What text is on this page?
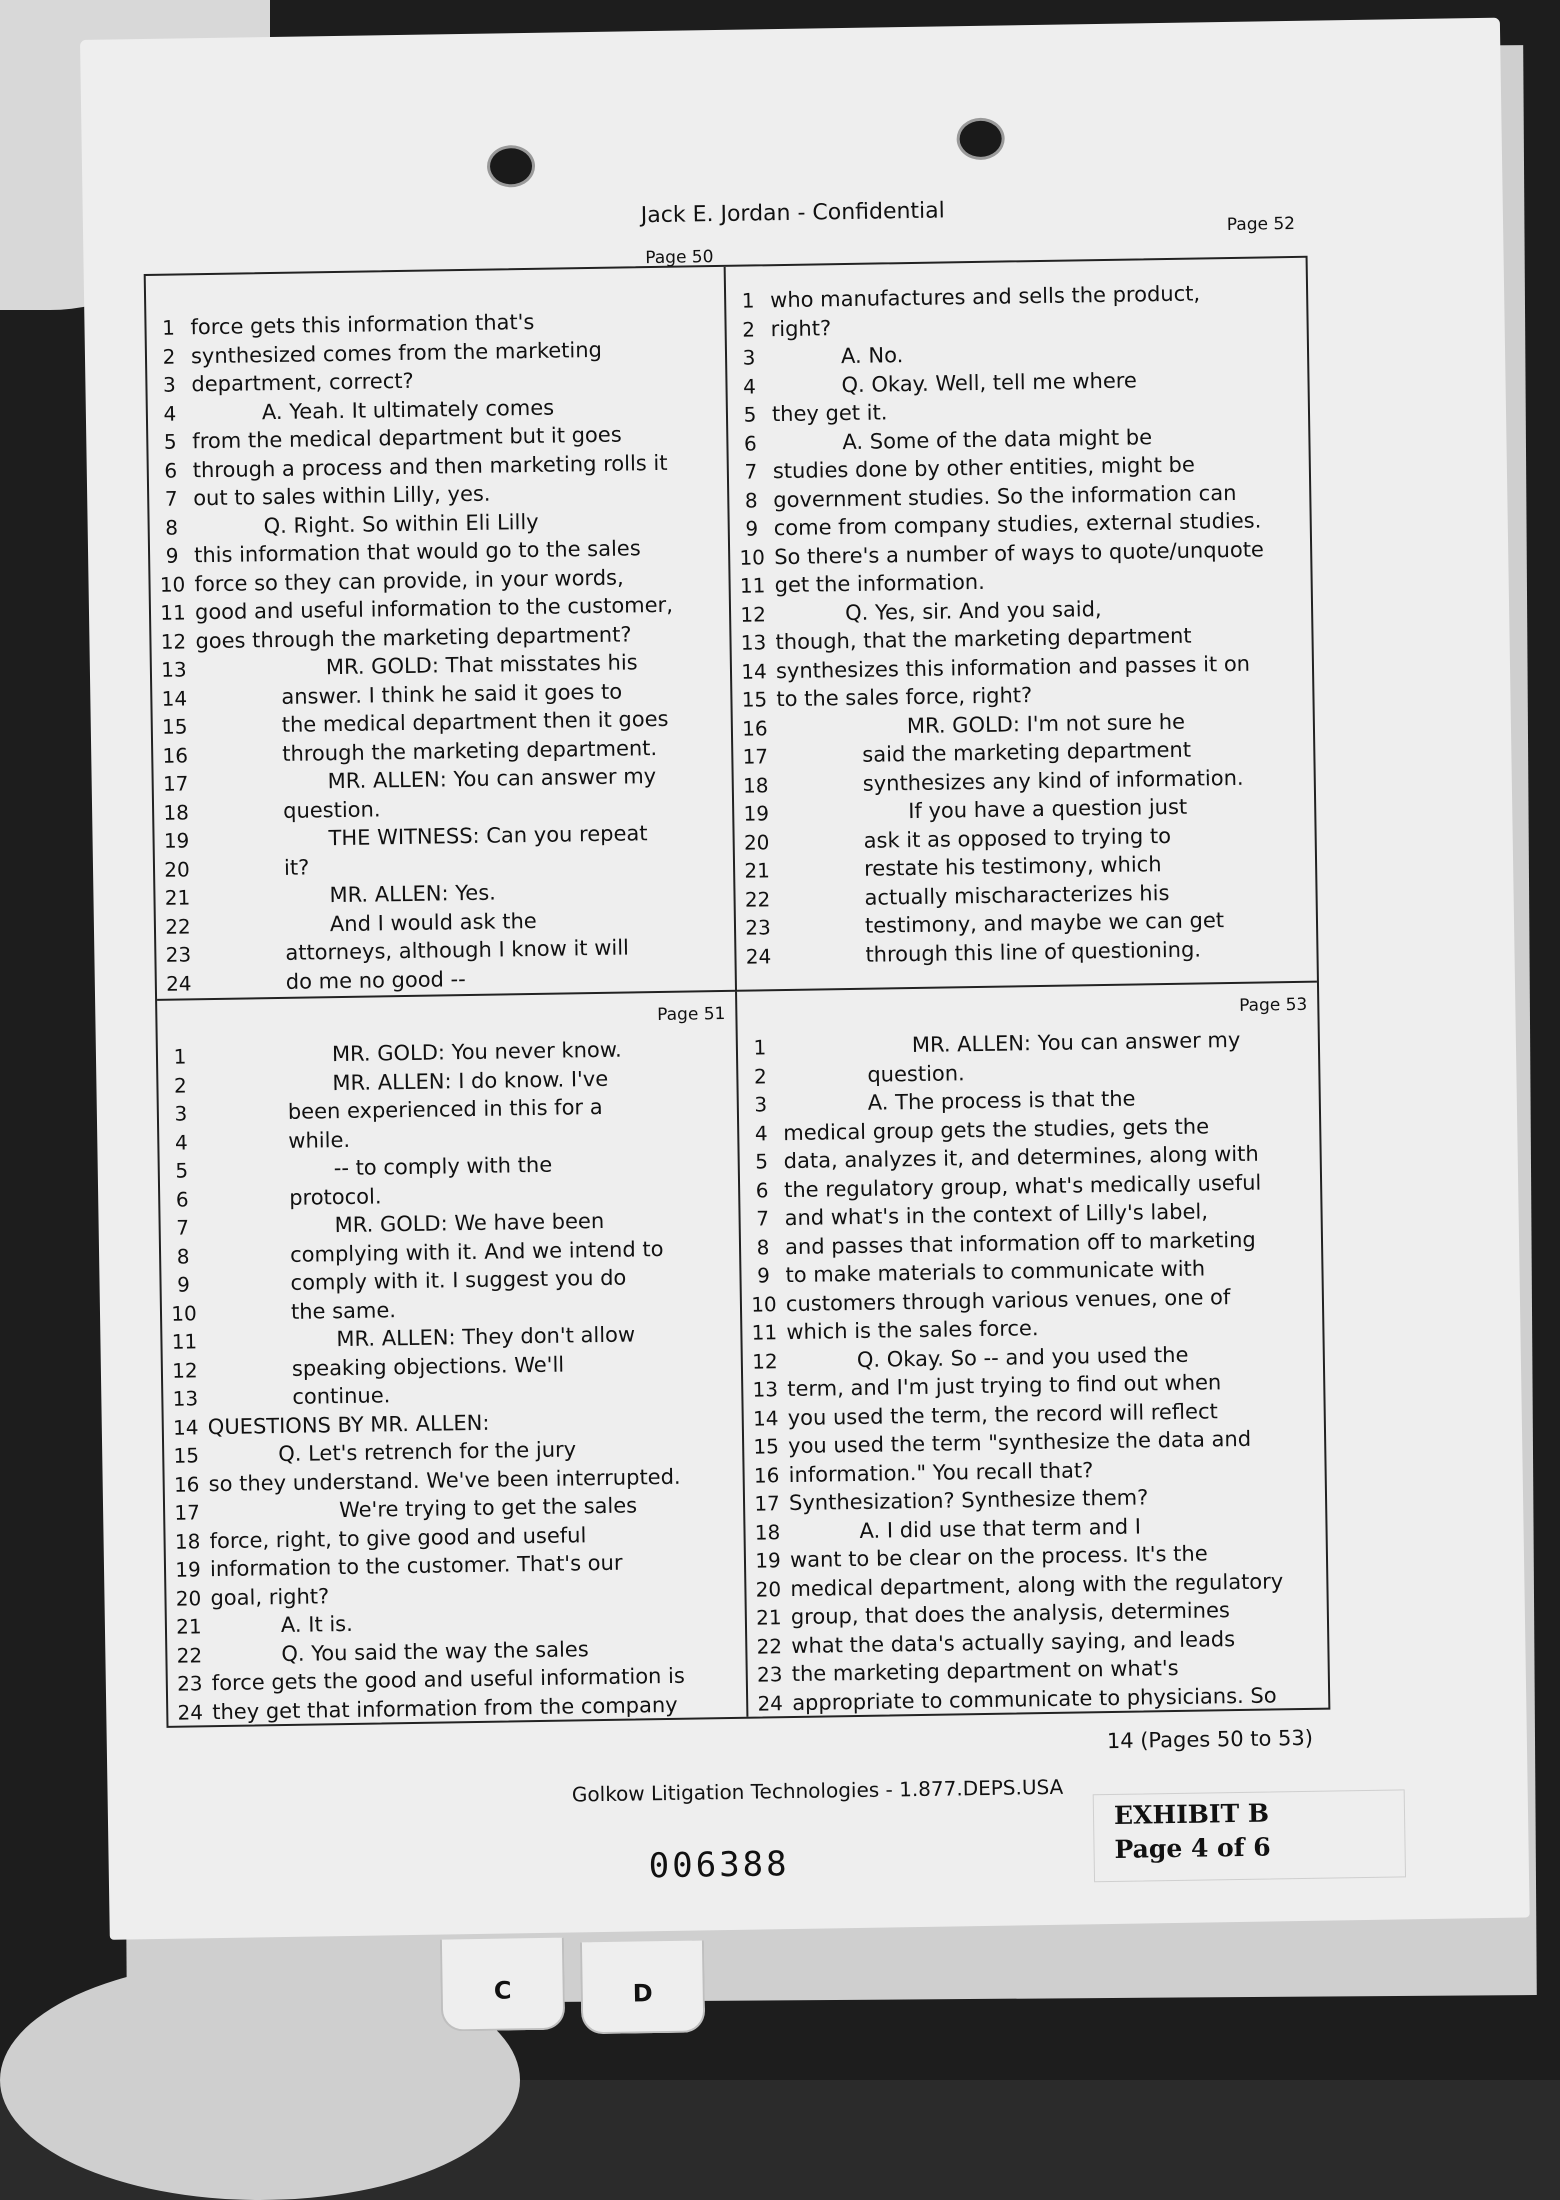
Jack E. Jordan - Confidential
Page 50
1 force gets this information that's
2 synthesized comes from the marketing
3 department, correct?
4	A. Yeah. It ultimately comes
5 from the medical department but it goes
6 through a process and then marketing rolls it
7 out to sales within Lilly, yes.
8	Q. Right. So within Eli Lilly
9 this information that would go to the sales
10 force so they can provide, in your words,
11 good and useful information to the customer,
12 goes through the marketing department?
13	MR. GOLD: That misstates his
14	answer. I think he said it goes to
15	the medical department then it goes
16	through the marketing department.
17	MR. ALLEN: You can answer my
18	question.
19	THE WITNESS: Can you repeat
20	it?
21	MR. ALLEN: Yes.
22	And I would ask the
23	attorneys, although I know it will
24	do me no good --
Page 52
1 who manufactures and sells the product,
2 right?
3	A. No.
4	Q. Okay. Well, tell me where
5 they get it.
6	A. Some of the data might be
7 studies done by other entities, might be
8 government studies. So the information can
9 come from company studies, external studies.
10 So there's a number of ways to quote/unquote
11 get the information.
12	Q. Yes, sir. And you said,
13 though, that the marketing department
14 synthesizes this information and passes it on
15 to the sales force, right?
16	MR. GOLD: I'm not sure he
17	said the marketing department
18	synthesizes any kind of information.
19	If you have a question just
20	ask it as opposed to trying to
21	restate his testimony, which
22	actually mischaracterizes his
23	testimony, and maybe we can get
24	through this line of questioning.
Page 51
1	MR. GOLD: You never know.
2	MR. ALLEN: I do know. I've
3	been experienced in this for a
4	while.
5	-- to comply with the
6	protocol.
7	MR. GOLD: We have been
8	complying with it. And we intend to
9	comply with it. I suggest you do
10	the same.
11	MR. ALLEN: They don't allow
12	speaking objections. We'll
13	continue.
14 QUESTIONS BY MR. ALLEN:
15	Q. Let's retrench for the jury
16 so they understand. We've been interrupted.
17	We're trying to get the sales
18 force, right, to give good and useful
19 information to the customer. That's our
20 goal, right?
21	A. It is.
22	Q. You said the way the sales
23 force gets the good and useful information is
24 they get that information from the company
Page 53
1	MR. ALLEN: You can answer my
2	question.
3	A. The process is that the
4 medical group gets the studies, gets the
5 data, analyzes it, and determines, along with
6 the regulatory group, what's medically useful
7 and what's in the context of Lilly's label,
8 and passes that information off to marketing
9 to make materials to communicate with
10 customers through various venues, one of
11 which is the sales force.
12	Q. Okay. So -- and you used the
13 term, and I'm just trying to find out when
14 you used the term, the record will reflect
15 you used the term "synthesize the data and
16 information." You recall that?
17 Synthesization? Synthesize them?
18	A. I did use that term and I
19 want to be clear on the process. It's the
20 medical department, along with the regulatory
21 group, that does the analysis, determines
22 what the data's actually saying, and leads
23 the marketing department on what's
24 appropriate to communicate to physicians. So
14 (Pages 50 to 53)
Golkow Litigation Technologies - 1.877.DEPS.USA
EXHIBIT B
Page 4 of 6
006388
C	D
